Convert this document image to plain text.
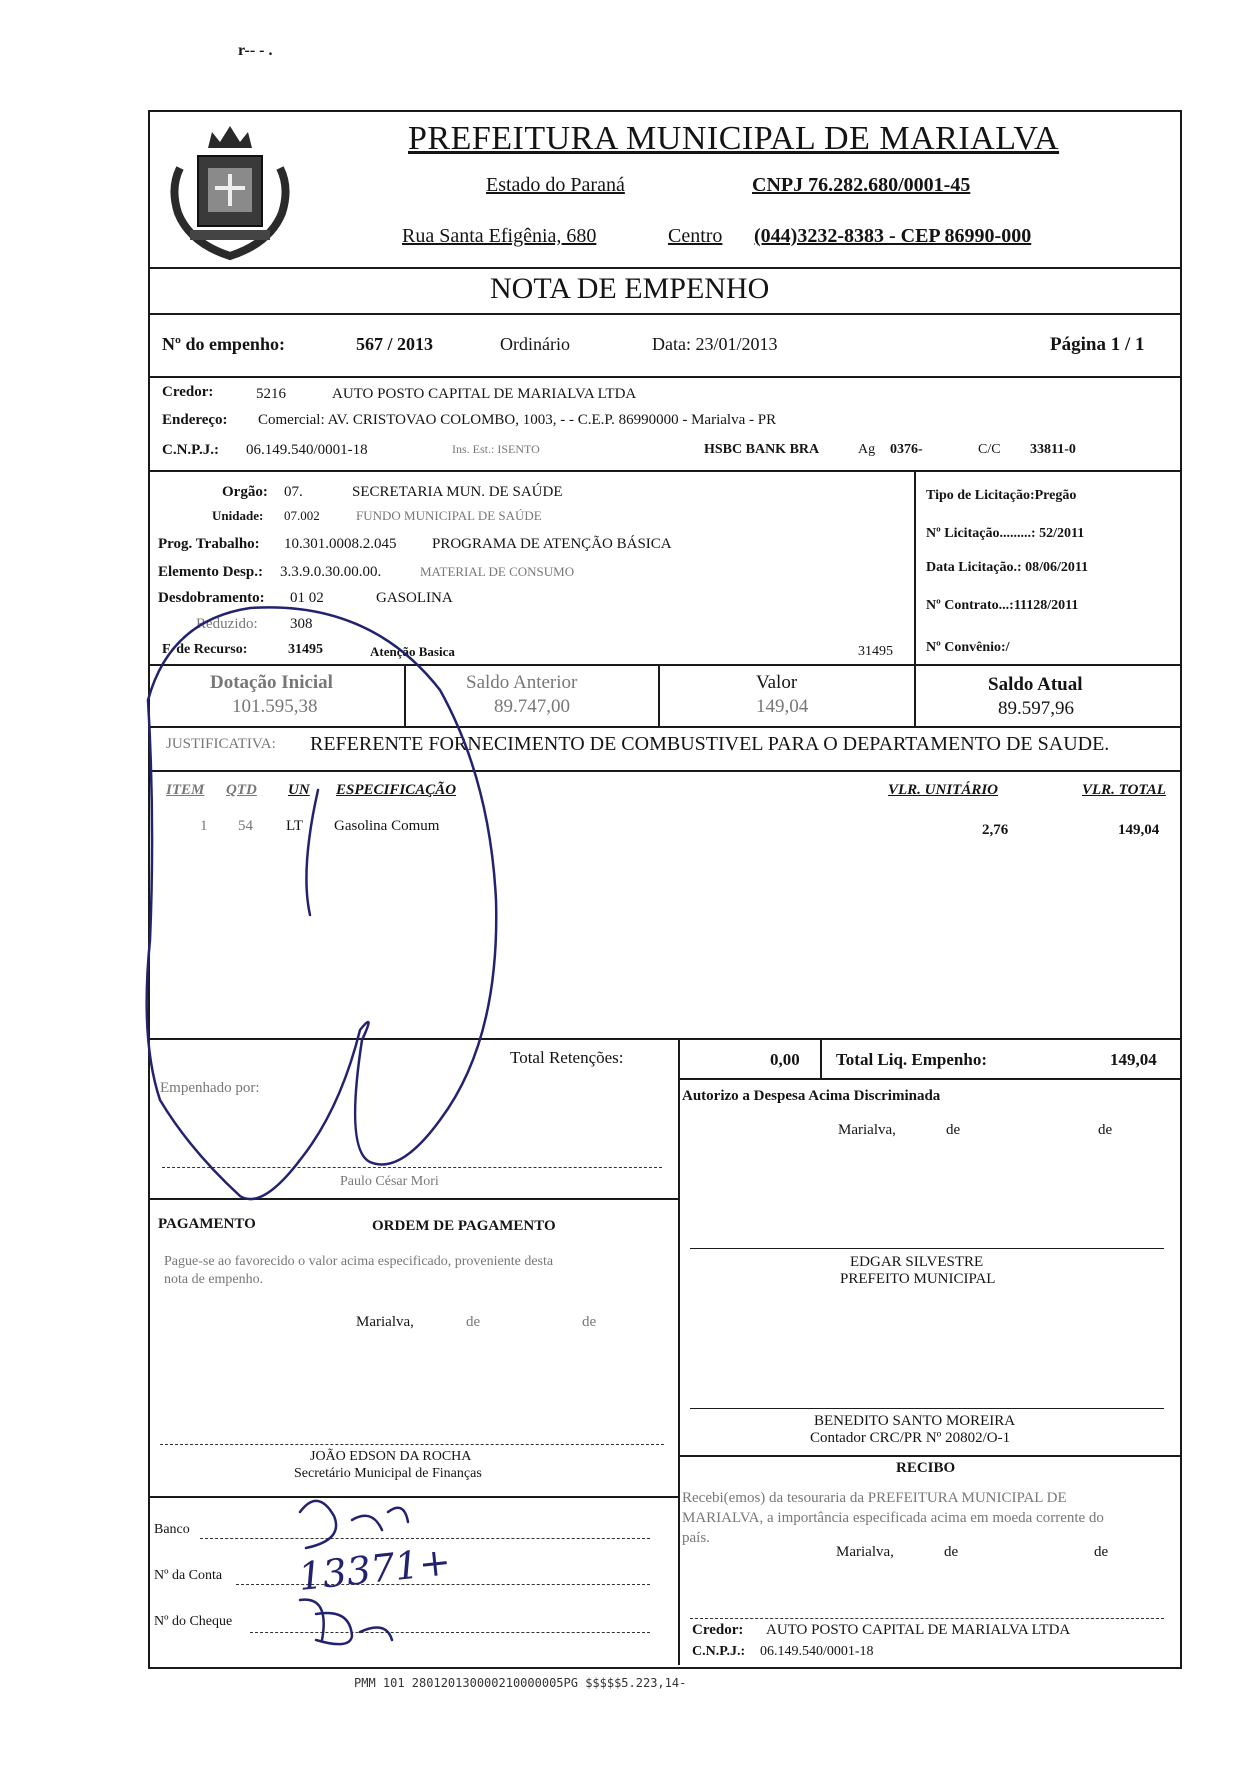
r-- - .
PREFEITURA MUNICIPAL DE MARIALVA
Estado do Paraná	CNPJ 76.282.680/0001-45
Rua Santa Efigênia, 680	Centro (044)3232-8383 - CEP 86990-000
NOTA DE EMPENHO
Nº do empenho:	567 / 2013	Ordinário	Data: 23/01/2013	Página 1 / 1
Credor:	5216	AUTO POSTO CAPITAL DE MARIALVA LTDA
Endereço: Comercial: AV. CRISTOVAO COLOMBO, 1003, - - C.E.P. 86990000 - Marialva - PR
C.N.P.J.: 06.149.540/0001-18	Ins. Est.: ISENTO	HSBC BANK BRA	Ag 0376-	C/C 33811-0
Orgão: 07.	SECRETARIA MUN. DE SAÚDE
Unidade: 07.002	FUNDO MUNICIPAL DE SAÚDE
Prog. Trabalho: 10.301.0008.2.045 PROGRAMA DE ATENÇÃO BÁSICA
Elemento Desp.: 3.3.9.0.30.00.00.	MATERIAL DE CONSUMO
Desdobramento: 01 02	GASOLINA
Reduzido: 308
F. de Recurso:	31495	Atenção Basica	31495
Tipo de Licitação:Pregão
Nº Licitação.........: 52/2011
Data Licitação.: 08/06/2011
Nº Contrato...:11128/2011
Nº Convênio:/
Dotação Inicial
101.595,38
Saldo Anterior
89.747,00
Valor
149,04
Saldo Atual
89.597,96
JUSTIFICATIVA: REFERENTE FORNECIMENTO DE COMBUSTIVEL PARA O DEPARTAMENTO DE SAUDE.
ITEM QTD UN ESPECIFICAÇÃO	VLR. UNITÁRIO	VLR. TOTAL
1 54 LT Gasolina Comum	2,76	149,04
Total Retenções:	0,00 Total Liq. Empenho:	149,04
Empenhado por:
Paulo César Mori
Autorizo a Despesa Acima Discriminada
Marialva,	de	de
EDGAR SILVESTRE
PREFEITO MUNICIPAL
BENEDITO SANTO MOREIRA
Contador CRC/PR Nº 20802/O-1
PAGAMENTO	ORDEM DE PAGAMENTO
Pague-se ao favorecido o valor acima especificado, proveniente desta
nota de empenho.
Marialva,	de	de
JOÃO EDSON DA ROCHA
Secretário Municipal de Finanças
Banco
Nº da Conta
Nº do Cheque
RECIBO
Recebi(emos) da tesouraria da PREFEITURA MUNICIPAL DE
MARIALVA, a importância especificada acima em moeda corrente do
país.
Marialva,	de	de
Credor: AUTO POSTO CAPITAL DE MARIALVA LTDA
C.N.P.J.: 06.149.540/0001-18
PMM 101 280120130000210000005PG $$$$$5.223,14-
13371+
